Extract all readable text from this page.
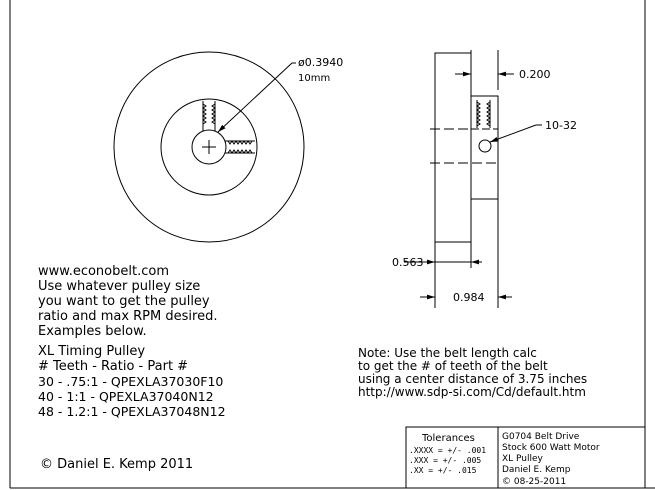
ø0.3940
10mm	0.200
10-32
0.563
0.984
www.econobelt.com
Use whatever pulley size
you want to get the pulley
ratio and max RPM desired.
Examples below.
XL Timing Pulley
# Teeth - Ratio - Part #
30 - .75:1 - QPEXLA37030F10
40 - 1:1 - QPEXLA37040N12
48 - 1.2:1 - QPEXLA37048N12
Note: Use the belt length calc
to get the # of teeth of the belt
using a center distance of 3.75 inches
http://www.sdp-si.com/Cd/default.htm
© Daniel E. Kemp 2011
Tolerances
.XXXX = +/- .001
.XXX = +/- .005
.XX = +/- .015
G0704 Belt Drive
Stock 600 Watt Motor
XL Pulley
Daniel E. Kemp
© 08-25-2011
